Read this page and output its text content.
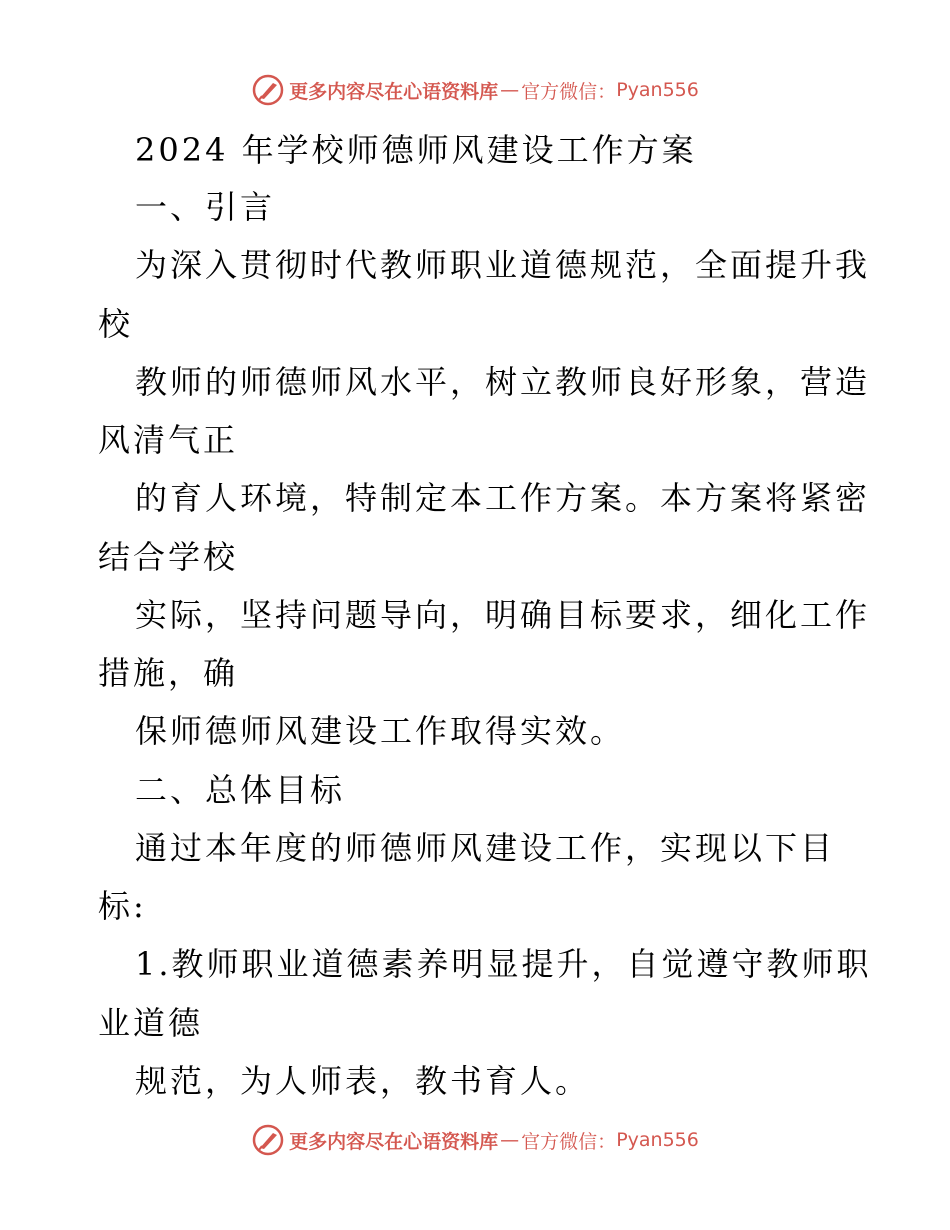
更多内容尽在心语资料库 — 官方微信： Pyan556
2024 年学校师德师风建设工作方案
一、引言
为深入贯彻时代教师职业道德规范，全面提升我
校
教师的师德师风水平，树立教师良好形象，营造
风清气正
的育人环境，特制定本工作方案。本方案将紧密
结合学校
实际，坚持问题导向，明确目标要求，细化工作
措施，确
保师德师风建设工作取得实效。
二、总体目标
通过本年度的师德师风建设工作，实现以下目
标:
1.教师职业道德素养明显提升，自觉遵守教师职
业道德
规范，为人师表，教书育人。
更多内容尽在心语资料库 — 官方微信： Pyan556
